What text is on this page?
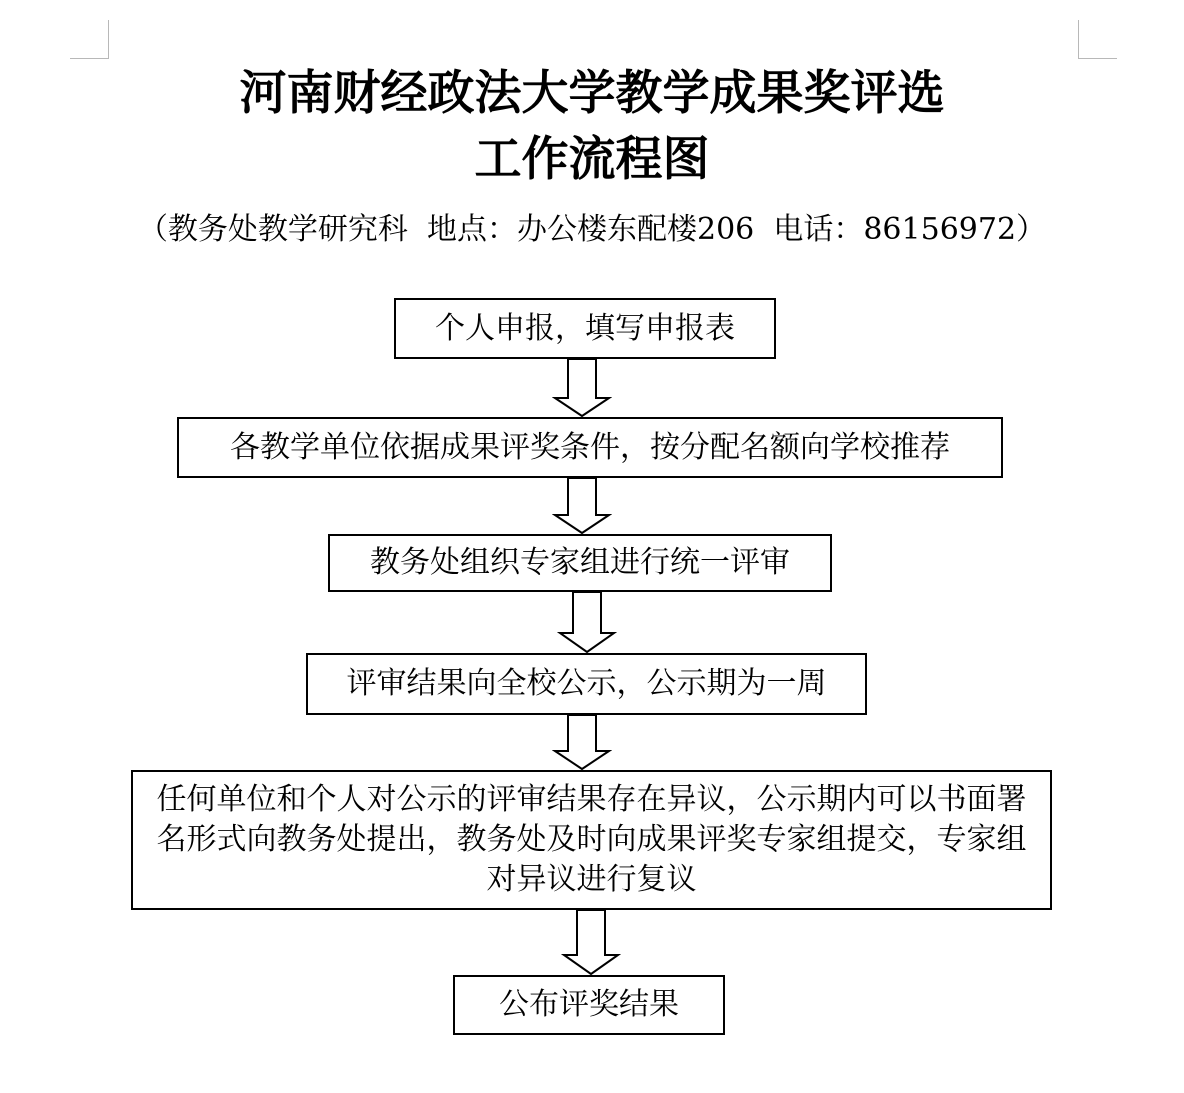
河南财经政法大学教学成果奖评选
工作流程图
（教务处教学研究科  地点：办公楼东配楼206  电话：86156972）
个人申报，填写申报表
各教学单位依据成果评奖条件，按分配名额向学校推荐
教务处组织专家组进行统一评审
评审结果向全校公示，公示期为一周
任何单位和个人对公示的评审结果存在异议，公示期内可以书面署名形式向教务处提出，教务处及时向成果评奖专家组提交，专家组对异议进行复议
公布评奖结果
